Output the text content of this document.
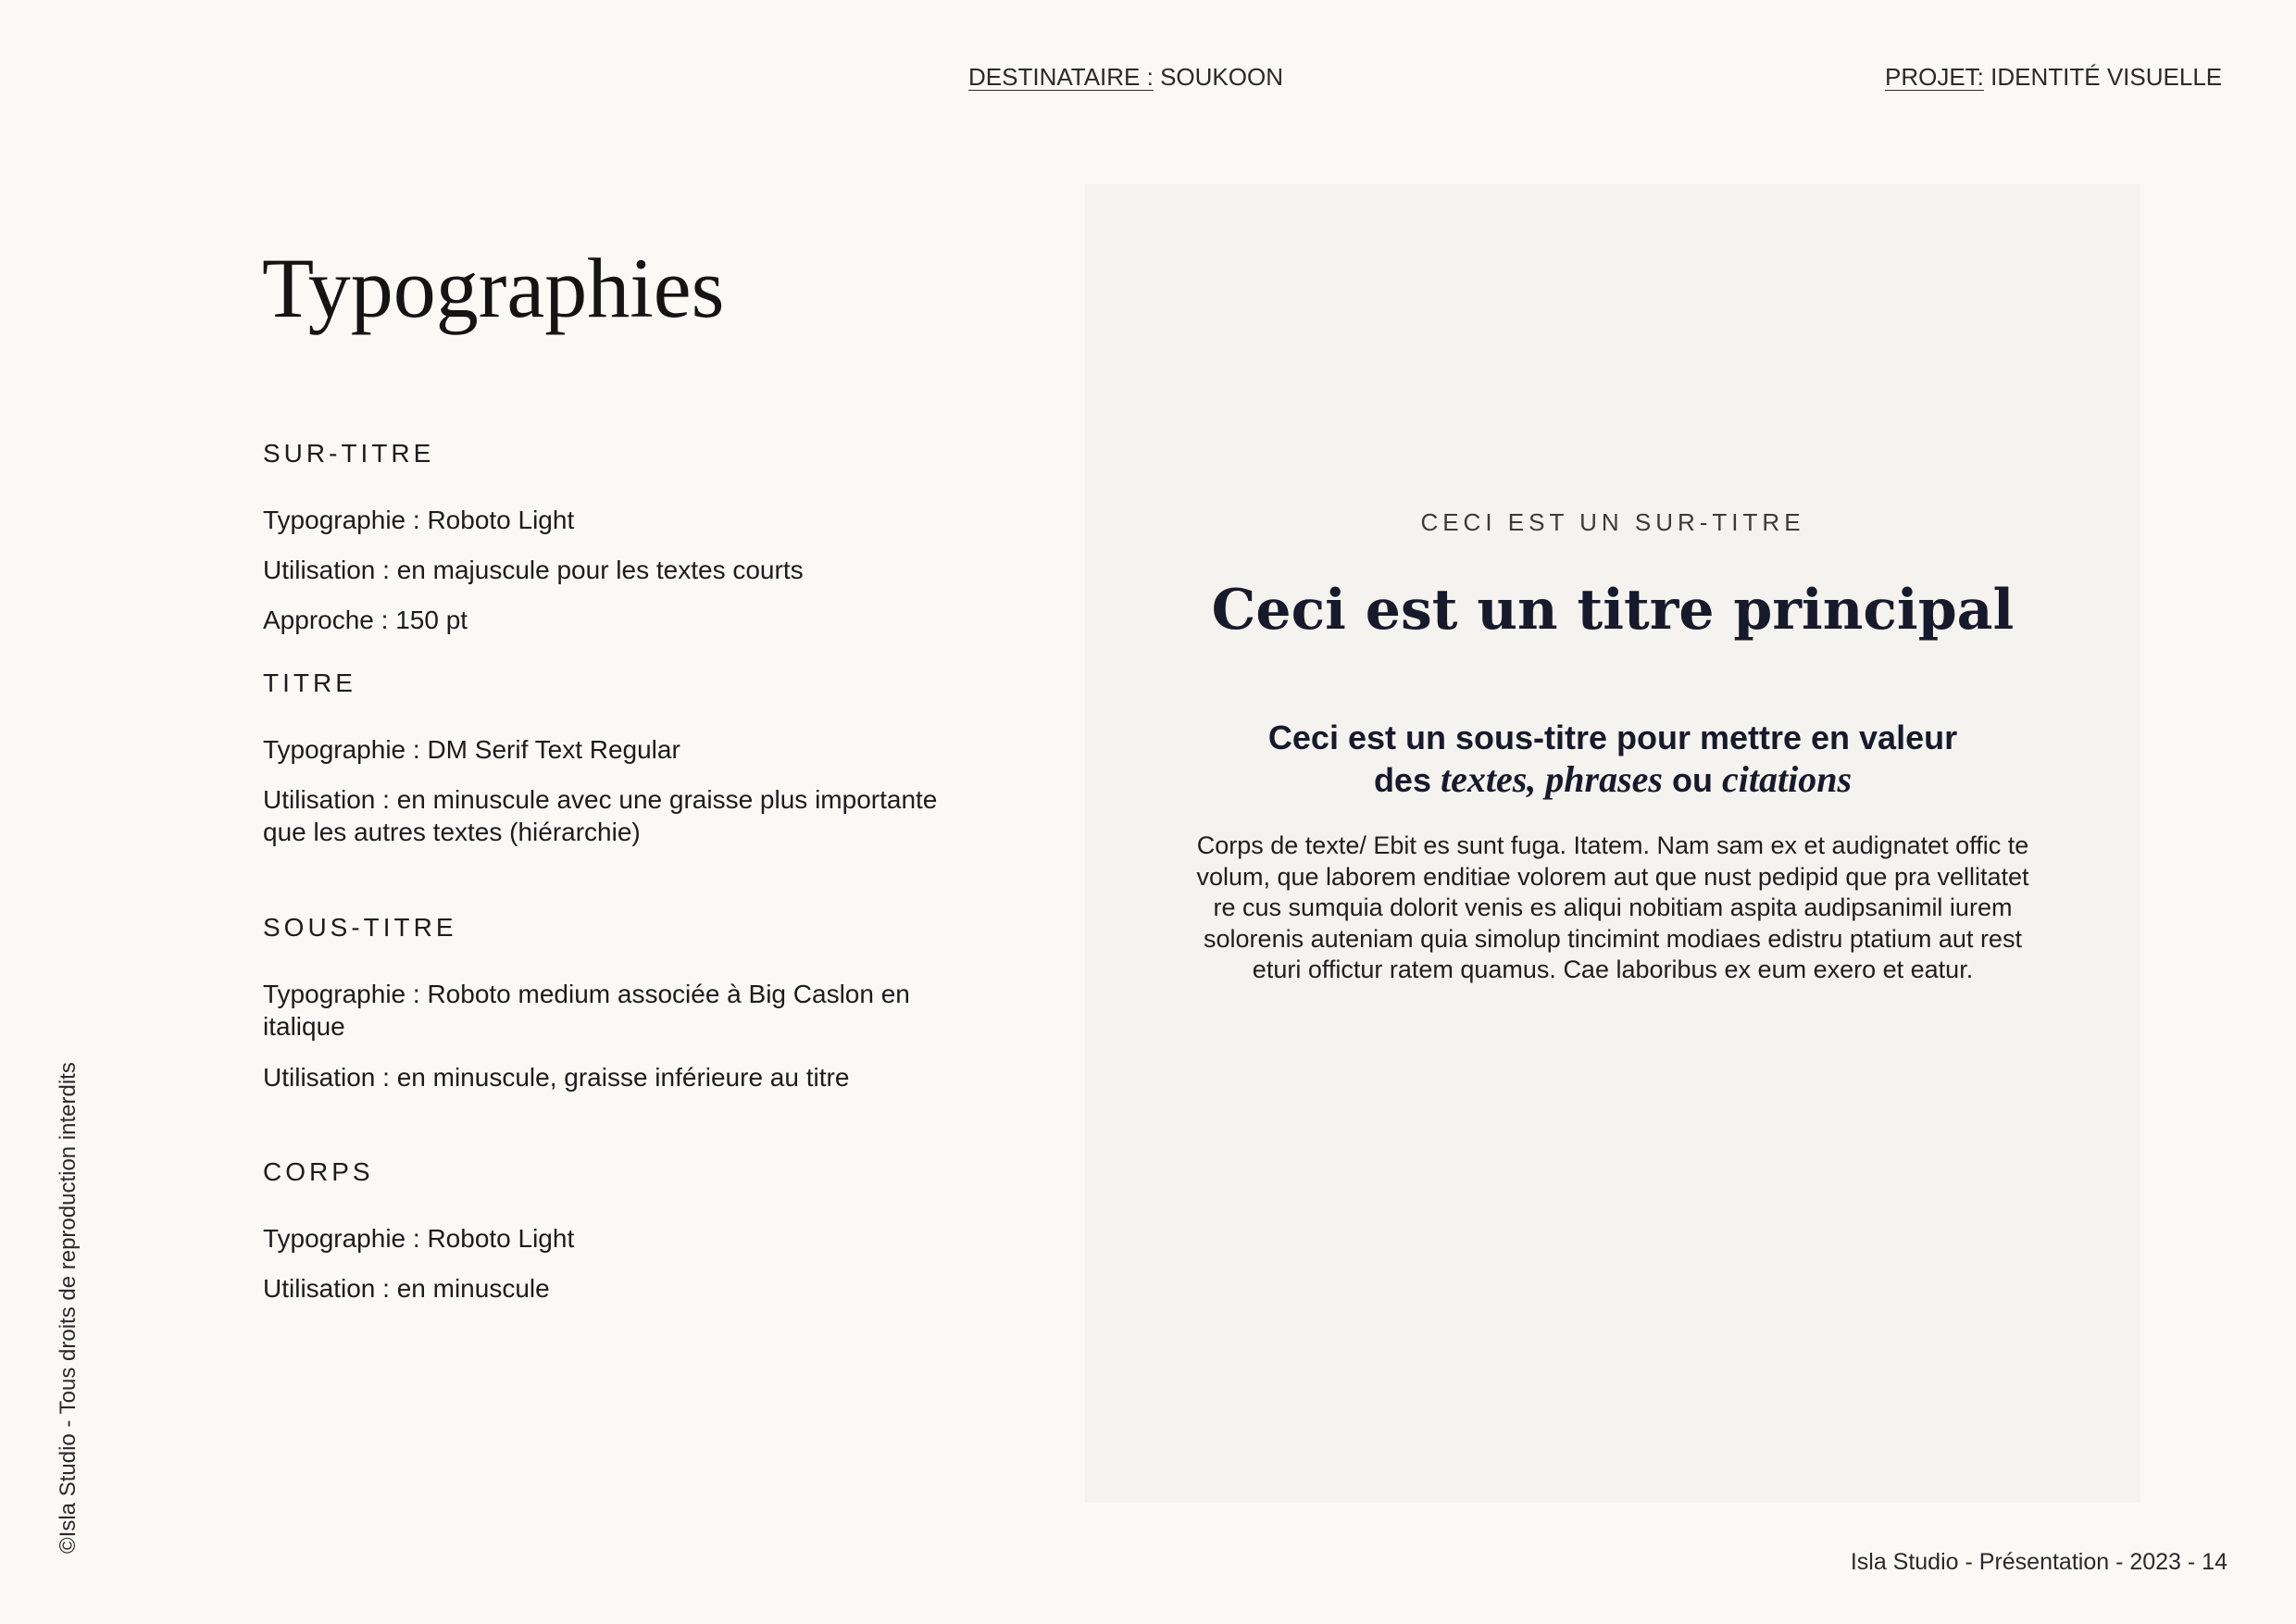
DESTINATAIRE : SOUKOON	PROJET: IDENTITÉ VISUELLE
Typographies
SUR-TITRE

Typographie : Roboto Light

Utilisation : en majuscule pour les textes courts

Approche : 150 pt

TITRE

Typographie : DM Serif Text Regular

Utilisation : en minuscule avec une graisse plus importante que les autres textes (hiérarchie)

SOUS-TITRE

Typographie : Roboto medium associée à Big Caslon en italique

Utilisation : en minuscule, graisse inférieure au titre

CORPS

Typographie : Roboto Light

Utilisation : en minuscule

CECI EST UN SUR-TITRE
Ceci est un titre principal

Ceci est un sous-titre pour mettre en valeur
des textes, phrases ou citations

Corps de texte/ Ebit es sunt fuga. Itatem. Nam sam ex et audignatet offic te volum, que laborem enditiae volorem aut que nust pedipid que pra vellitatet re cus sumquia dolorit venis es aliqui nobitiam aspita audipsanimil iurem solorenis auteniam quia simolup tincimint modiaes edistru ptatium aut rest eturi offictur ratem quamus. Cae laboribus ex eum exero et eatur.

©Isla Studio - Tous droits de reproduction interdits
Isla Studio - Présentation - 2023 - 14
